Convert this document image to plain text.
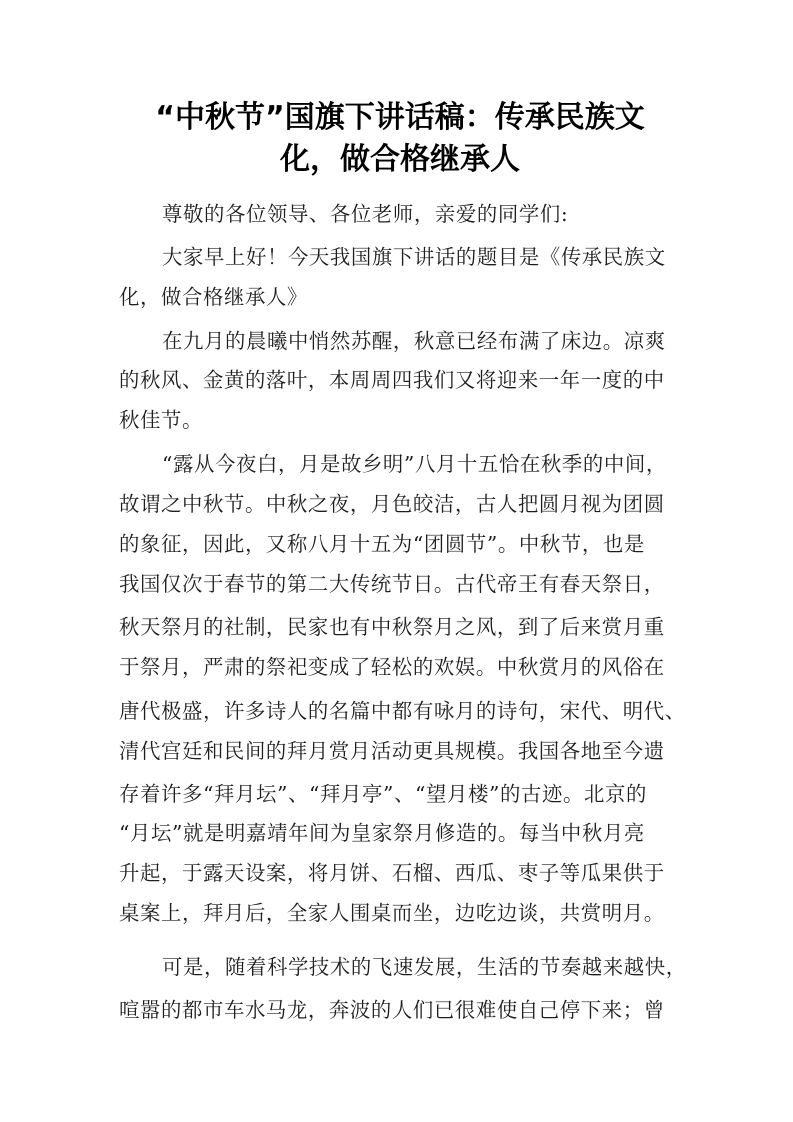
“中秋节”国旗下讲话稿：传承民族文
化，做合格继承人
尊敬的各位领导、各位老师，亲爱的同学们:
大家早上好！今天我国旗下讲话的题目是《传承民族文
化，做合格继承人》
在九月的晨曦中悄然苏醒，秋意已经布满了床边。凉爽
的秋风、金黄的落叶，本周周四我们又将迎来一年一度的中
秋佳节。
“露从今夜白，月是故乡明”八月十五恰在秋季的中间，
故谓之中秋节。中秋之夜，月色皎洁，古人把圆月视为团圆
的象征，因此，又称八月十五为“团圆节”。中秋节，也是
我国仅次于春节的第二大传统节日。古代帝王有春天祭日，
秋天祭月的社制，民家也有中秋祭月之风，到了后来赏月重
于祭月，严肃的祭祀变成了轻松的欢娱。中秋赏月的风俗在
唐代极盛，许多诗人的名篇中都有咏月的诗句，宋代、明代、
清代宫廷和民间的拜月赏月活动更具规模。我国各地至今遗
存着许多“拜月坛”、“拜月亭”、“望月楼”的古迹。北京的
“月坛”就是明嘉靖年间为皇家祭月修造的。每当中秋月亮
升起，于露天设案，将月饼、石榴、西瓜、枣子等瓜果供于
桌案上，拜月后，全家人围桌而坐，边吃边谈，共赏明月。
可是，随着科学技术的飞速发展，生活的节奏越来越快，
喧嚣的都市车水马龙，奔波的人们已很难使自己停下来；曾
